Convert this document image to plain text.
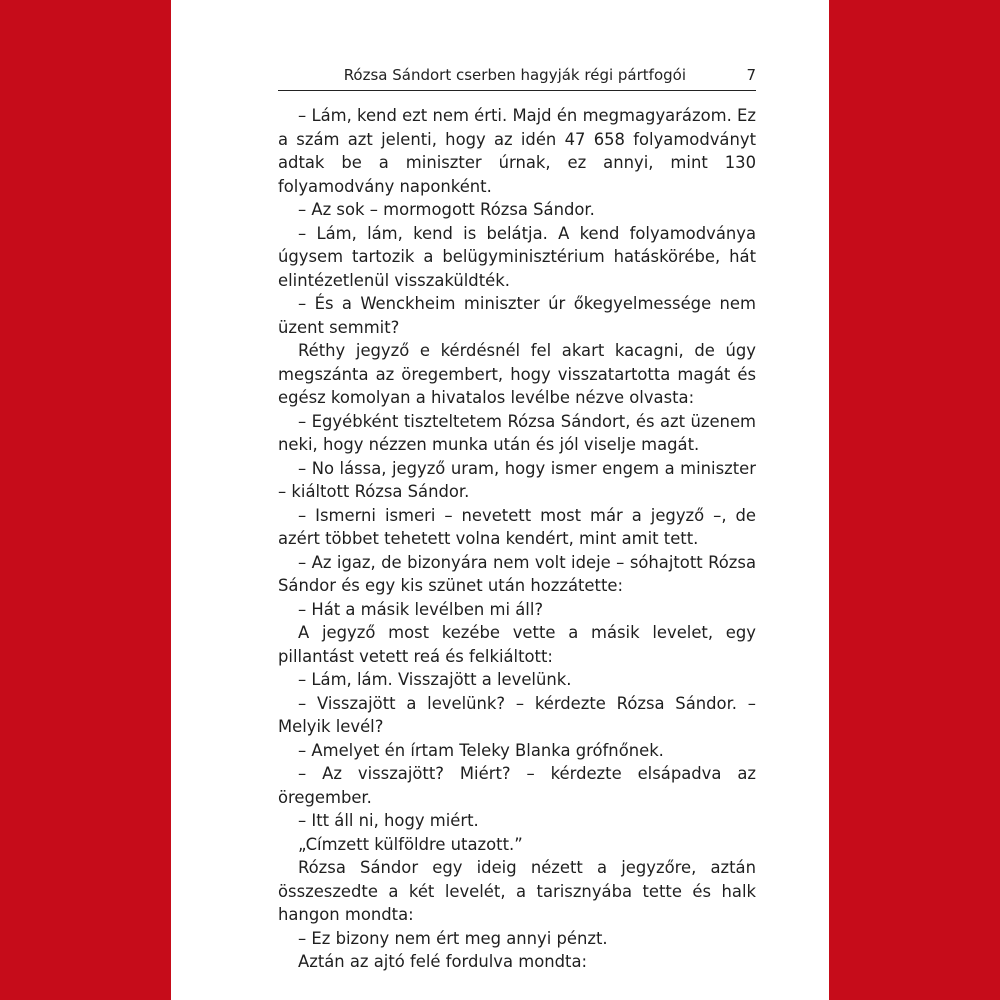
Rózsa Sándort cserben hagyják régi pártfogói	7

– Lám, kend ezt nem érti. Majd én megmagyarázom. Ez a szám azt jelenti, hogy az idén 47 658 folyamodványt adtak be a miniszter úrnak, ez annyi, mint 130 folyamodvány naponként.

– Az sok – mormogott Rózsa Sándor.

– Lám, lám, kend is belátja. A kend folyamodványa úgysem tartozik a belügyminisztérium hatáskörébe, hát elintézetlenül visszaküldték.

– És a Wenckheim miniszter úr őkegyelmessége nem üzent semmit?

Réthy jegyző e kérdésnél fel akart kacagni, de úgy megszánta az öregembert, hogy visszatartotta magát és egész komolyan a hivatalos levélbe nézve olvasta:

– Egyébként tiszteltetem Rózsa Sándort, és azt üzenem neki, hogy nézzen munka után és jól viselje magát.

– No lássa, jegyző uram, hogy ismer engem a miniszter – kiáltott Rózsa Sándor.

– Ismerni ismeri – nevetett most már a jegyző –, de azért többet tehetett volna kendért, mint amit tett.

– Az igaz, de bizonyára nem volt ideje – sóhajtott Rózsa Sándor és egy kis szünet után hozzátette:

– Hát a másik levélben mi áll?

A jegyző most kezébe vette a másik levelet, egy pillantást vetett reá és felkiáltott:

– Lám, lám. Visszajött a levelünk.

– Visszajött a levelünk? – kérdezte Rózsa Sándor. – Melyik levél?

– Amelyet én írtam Teleky Blanka grófnőnek.

– Az visszajött? Miért? – kérdezte elsápadva az öregember.

– Itt áll ni, hogy miért.

„Címzett külföldre utazott.”

Rózsa Sándor egy ideig nézett a jegyzőre, aztán összeszedte a két levelét, a tarisznyába tette és halk hangon mondta:

– Ez bizony nem ért meg annyi pénzt.

Aztán az ajtó felé fordulva mondta:
